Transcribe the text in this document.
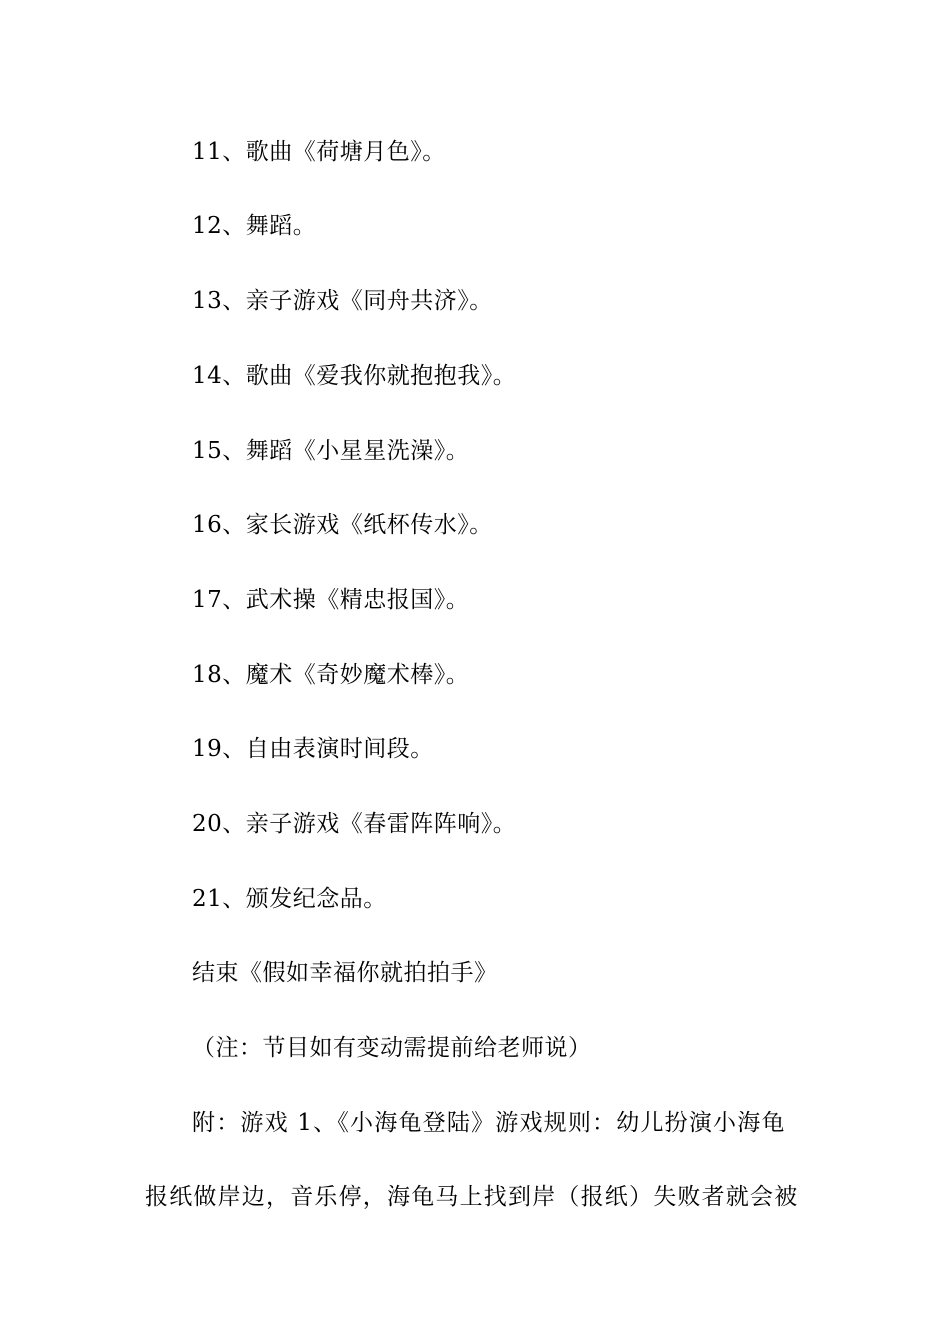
11、歌曲《荷塘月色》。
12、舞蹈。
13、亲子游戏《同舟共济》。
14、歌曲《爱我你就抱抱我》。
15、舞蹈《小星星洗澡》。
16、家长游戏《纸杯传水》。
17、武术操《精忠报国》。
18、魔术《奇妙魔术棒》。
19、自由表演时间段。
20、亲子游戏《春雷阵阵响》。
21、颁发纪念品。
结束《假如幸福你就拍拍手》
（注：节目如有变动需提前给老师说）
附：游戏 1、《小海龟登陆》游戏规则：幼儿扮演小海龟
报纸做岸边，音乐停，海龟马上找到岸（报纸）失败者就会被
